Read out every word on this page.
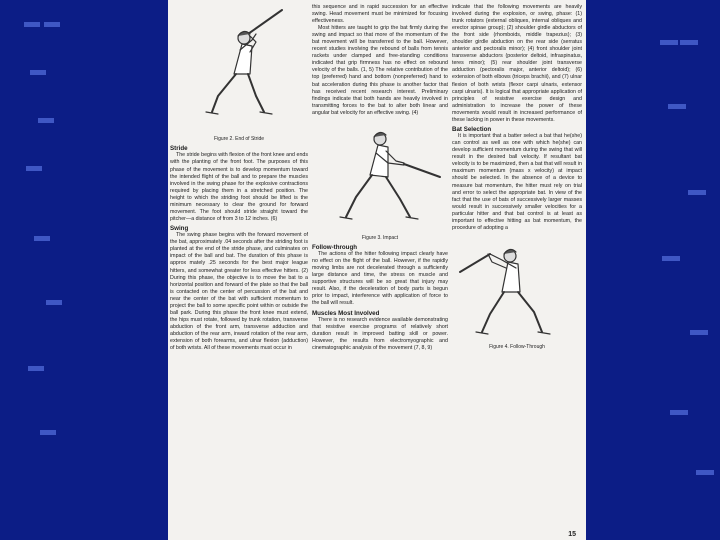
Figure 2. End of Stride
Stride

The stride begins with flexion of the front knee and ends with the planting of the front foot. The purposes of this phase of the movement is to develop momentum toward the intended flight of the ball and to prepare the muscles involved in the swing phase for the explosive contractions required by placing them in a stretched position. The height to which the striding foot should be lifted is the minimum necessary to clear the ground for forward movement. The foot should stride straight toward the pitcher—a distance of from 3 to 12 inches. (6)

Swing

The swing phase begins with the forward movement of the bat, approximately .04 seconds after the striding foot is planted at the end of the stride phase, and culminates on impact of the ball and bat. The duration of this phase is approx mately .25 seconds for the best major league hitters, and somewhat greater for less effective hitters. (2) During this phase, the objective is to move the bat to a horizontal position and forward of the plate so that the ball is contacted on the center of percussion of the bat and near the center of the bat with sufficient momentum to project the ball to some specific point within or outside the ball park. During this phase the front knee must extend, the hips must rotate, followed by trunk rotation, transverse abduction of the front arm, transverse adduction and abduction of the rear arm, inward rotation of the rear arm, extension of both forearms, and ulnar flexion (adduction) of both wrists. All of these movements must occur in

this sequence and in rapid succession for an effective swing. Head movement must be minimized for focusing effectiveness.

Most hitters are taught to grip the bat firmly during the swing and impact so that more of the momentum of the bat movement will be transferred to the ball. However, recent studies involving the rebound of balls from tennis rackets under clamped and free-standing conditions indicated that grip firmness has no effect on rebound velocity of the balls. (1, 5) The relative contribution of the top (preferred) hand and bottom (nonpreferred) hand to bat acceleration during this phase is another factor that has received recent research interest. Preliminary findings indicate that both hands are heavily involved in transmitting forces to the bat to alter both linear and angular bat velocity for an effective swing. (4)

Figure 3. Impact
Follow-through

The actions of the hitter following impact clearly have no effect on the flight of the ball. However, if the rapidly moving limbs are not decelerated through a sufficiently large distance and time, the stress on muscle and supportive structures will be so great that injury may result. Also, if the deceleration of body parts is begun prior to impact, interference with application of force to the ball will result.

Muscles Most Involved

There is no research evidence available demonstrating that resistive exercise programs of relatively short duration result in improved batting skill or power. However, the results from electromyographic and cinematographic analysis of the movement (7, 8, 9)

indicate that the following movements are heavily involved during the explosion, or swing, phase: (1) trunk rotators (external obliques, internal obliques and erector spinae group); (2) shoulder girdle abductors of the front side (rhomboids, middle trapezius); (3) shoulder girdle abduction on the rear side (serratus anterior and pectoralis minor); (4) front shoulder joint transverse abductors (posterior deltoid, infraspinatus, teres minor); (5) rear shoulder joint transverse adduction (pectoralis major, anterior deltoid); (6) extension of both elbows (triceps brachii), and (7) ulnar flexion of both wrists (flexor carpi ulnaris, extensor carpi ulnaris). It is logical that appropriate application of principles of resistive exercise design and administration to increase the power of these movements would result in increased performance of these lacking in power in these movements.

Bat Selection

It is important that a batter select a bat that he(she) can control as well as one with which he(she) can develop sufficient momentum during the swing that will result in the desired ball velocity. If resultant bat velocity is to be maximized, then a bat that will result in maximum momentum (mass x velocity) at impact should be selected. In the absence of a device to measure bat momentum, the hitter must rely on trial and error to select the appropriate bat. In view of the fact that the use of bats of successively larger masses would result in successively smaller velocities for a particular hitter and that bat control is at least as important to effective hitting as bat momentum, the procedure of adopting a

Figure 4. Follow-Through
15
